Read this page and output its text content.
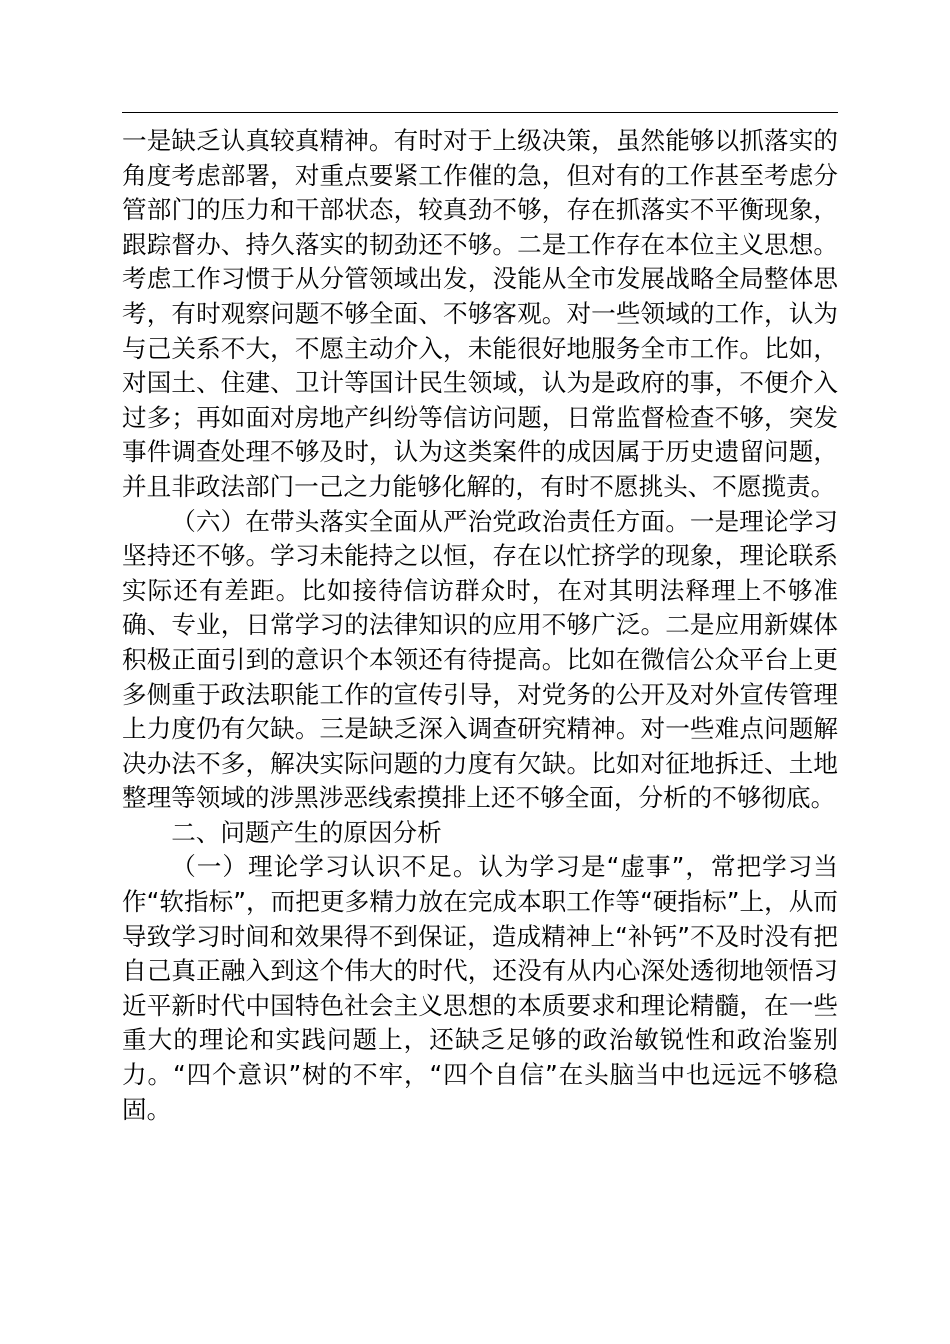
一是缺乏认真较真精神。有时对于上级决策，虽然能够以抓落实的角度考虑部署，对重点要紧工作催的急，但对有的工作甚至考虑分管部门的压力和干部状态，较真劲不够，存在抓落实不平衡现象，跟踪督办、持久落实的韧劲还不够。二是工作存在本位主义思想。考虑工作习惯于从分管领域出发，没能从全市发展战略全局整体思考，有时观察问题不够全面、不够客观。对一些领域的工作，认为与己关系不大，不愿主动介入，未能很好地服务全市工作。比如，对国土、住建、卫计等国计民生领域，认为是政府的事，不便介入过多；再如面对房地产纠纷等信访问题，日常监督检查不够，突发事件调查处理不够及时，认为这类案件的成因属于历史遗留问题，并且非政法部门一己之力能够化解的，有时不愿挑头、不愿揽责。

（六）在带头落实全面从严治党政治责任方面。一是理论学习坚持还不够。学习未能持之以恒，存在以忙挤学的现象，理论联系实际还有差距。比如接待信访群众时，在对其明法释理上不够准确、专业，日常学习的法律知识的应用不够广泛。二是应用新媒体积极正面引到的意识个本领还有待提高。比如在微信公众平台上更多侧重于政法职能工作的宣传引导，对党务的公开及对外宣传管理上力度仍有欠缺。三是缺乏深入调查研究精神。对一些难点问题解决办法不多，解决实际问题的力度有欠缺。比如对征地拆迁、土地整理等领域的涉黑涉恶线索摸排上还不够全面，分析的不够彻底。

二、问题产生的原因分析

（一）理论学习认识不足。认为学习是“虚事”，常把学习当作“软指标”，而把更多精力放在完成本职工作等“硬指标”上，从而导致学习时间和效果得不到保证，造成精神上“补钙”不及时没有把自己真正融入到这个伟大的时代，还没有从内心深处透彻地领悟习近平新时代中国特色社会主义思想的本质要求和理论精髓，在一些重大的理论和实践问题上，还缺乏足够的政治敏锐性和政治鉴别力。“四个意识”树的不牢，“四个自信”在头脑当中也远远不够稳固。
